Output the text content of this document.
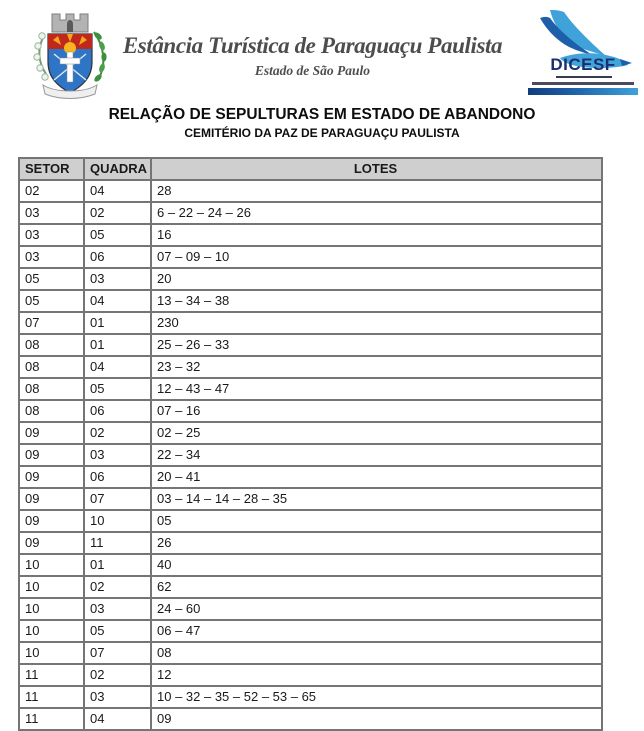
Estância Turística de Paraguaçu Paulista
Estado de São Paulo	DICESF
RELAÇÃO DE SEPULTURAS EM ESTADO DE ABANDONO
CEMITÉRIO DA PAZ DE PARAGUAÇU PAULISTA
SETOR	QUADRA	LOTES
02	04	28
03	02	6 – 22 – 24 – 26
03	05	16
03	06	07 – 09 – 10
05	03	20
05	04	13 – 34 – 38
07	01	230
08	01	25 – 26 – 33
08	04	23 – 32
08	05	12 – 43 – 47
08	06	07 – 16
09	02	02 – 25
09	03	22 – 34
09	06	20 – 41
09	07	03 – 14 – 14 – 28 – 35
09	10	05
09	11	26
10	01	40
10	02	62
10	03	24 – 60
10	05	06 – 47
10	07	08
11	02	12
11	03	10 – 32 – 35 – 52 – 53 – 65
11	04	09
